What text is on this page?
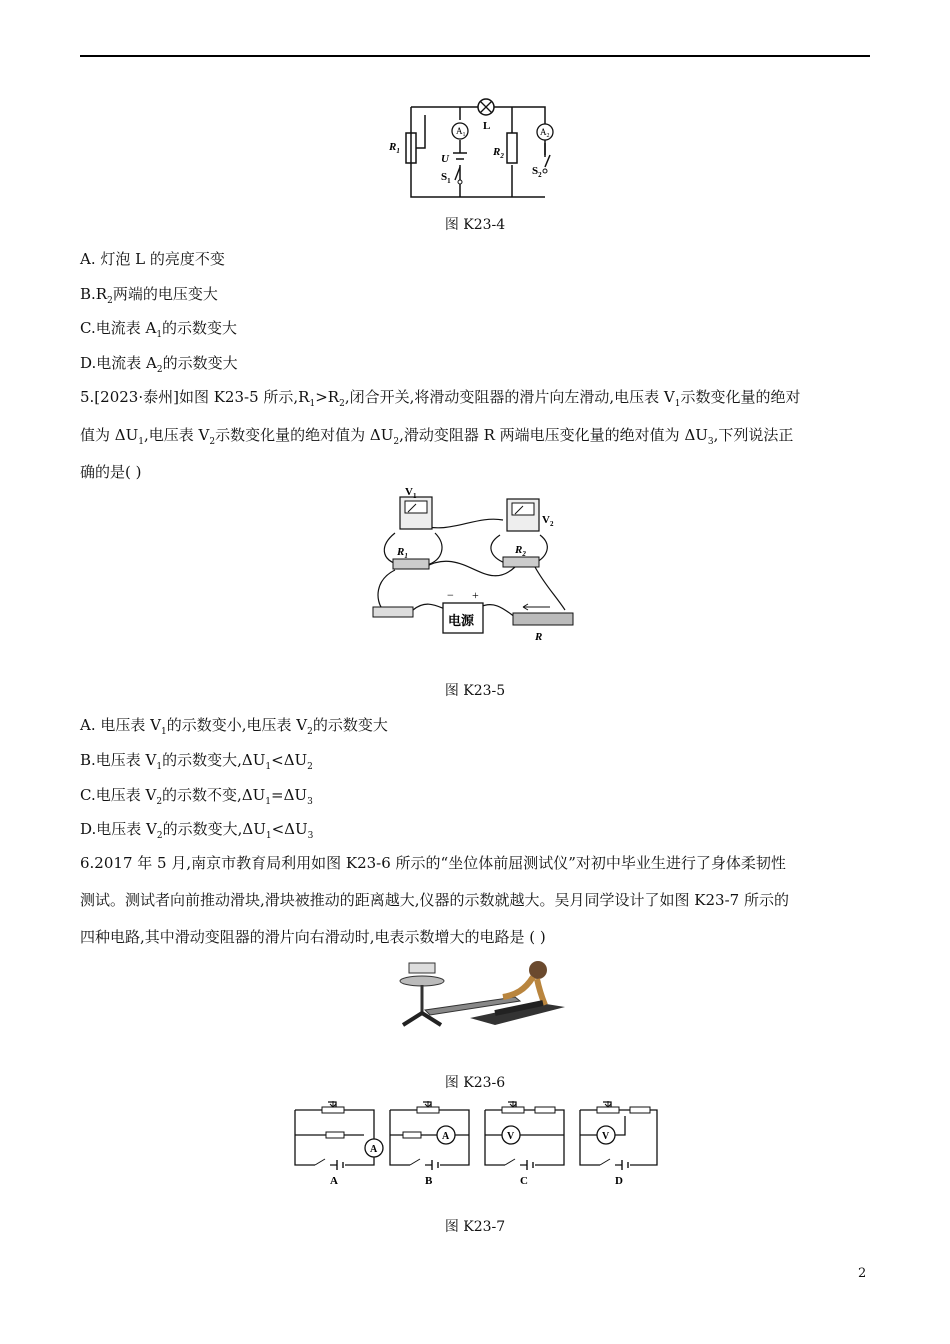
$A_1$	$A_2$
L
$R_1$	$R_2$
U
$S_1$
$S_2$
图 K23-4
A. 灯泡 L 的亮度不变
$B.R_2$两端的电压变大
C.电流表 $A_1$的示数变大
D.电流表 $A_2$的示数变大
5.[2023·泰州]如图 K23-5 所示$,R_1>R_2$,闭合开关,将滑动变阻器的滑片向左滑动,电压表 $V_1$示数变化量的绝对
值为 $\Delta U_1$,电压表 $V_2$示数变化量的绝对值为 $\Delta U_2$,滑动变阻器 R 两端电压变化量的绝对值为 $\Delta U_3$,下列说法正
确的是( )
$V_1$
$V_2$
$R_1$	$R_2$
R
电源
− +
图 K23-5
A. 电压表 $V_1$的示数变小,电压表 $V_2$的示数变大
B.电压表 $V_1$的示数变大$,\Delta U_1<\Delta U_2$
C.电压表 $V_2$的示数不变$,\Delta U_1=\Delta U_3$
D.电压表 $V_2$的示数变大$,\Delta U_1<\Delta U_3$
6.2017 年 5 月,南京市教育局利用如图 K23-6 所示的“坐位体前屈测试仪”对初中毕业生进行了身体柔韧性
测试。测试者向前推动滑块,滑块被推动的距离越大,仪器的示数就越大。吴月同学设计了如图 K23-7 所示的
四种电路,其中滑动变阻器的滑片向右滑动时,电表示数增大的电路是 ( )
图 K23-6
A
A
A
B
V
C
V
D
图 K23-7
2
